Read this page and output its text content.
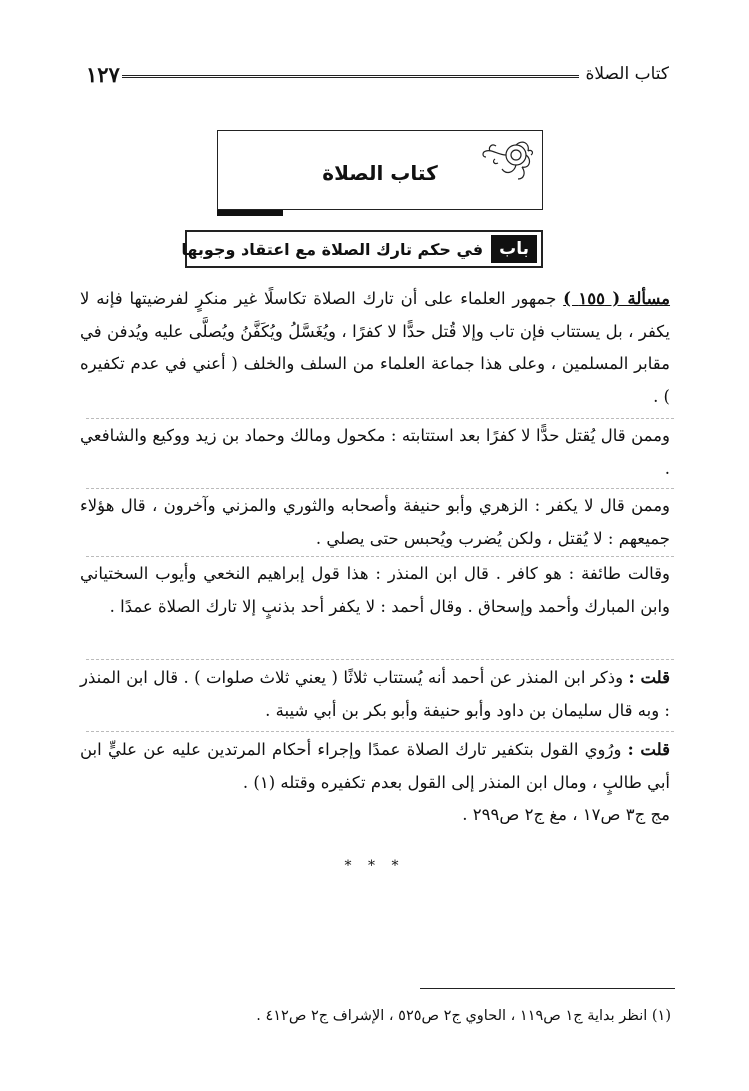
كتاب الصلاة
١٢٧
كتاب الصلاة
باب
في حكم تارك الصلاة مع اعتقاد وجوبها
مسألة ( ١٥٥ ) جمهور العلماء على أن تارك الصلاة تكاسلًا غير منكرٍ لفرضيتها فإنه لا يكفر ، بل يستتاب فإن تاب وإلا قُتل حدًّا لا كفرًا ، ويُغَسَّلُ ويُكَفَّنُ ويُصلَّى عليه ويُدفن في مقابر المسلمين ، وعلى هذا جماعة العلماء من السلف والخلف ( أعني في عدم تكفيره ) .
وممن قال يُقتل حدًّا لا كفرًا بعد استتابته : مكحول ومالك وحماد بن زيد ووكيع والشافعي .
وممن قال لا يكفر : الزهري وأبو حنيفة وأصحابه والثوري والمزني وآخرون ، قال هؤلاء جميعهم : لا يُقتل ، ولكن يُضرب ويُحبس حتى يصلي .
وقالت طائفة : هو كافر . قال ابن المنذر : هذا قول إبراهيم النخعي وأيوب السختياني وابن المبارك وأحمد وإسحاق . وقال أحمد : لا يكفر أحد بذنبٍ إلا تارك الصلاة عمدًا .
قلت : وذكر ابن المنذر عن أحمد أنه يُستتاب ثلاثًا ( يعني ثلاث صلوات ) . قال ابن المنذر : وبه قال سليمان بن داود وأبو حنيفة وأبو بكر بن أبي شيبة .
قلت : ورُوي القول بتكفير تارك الصلاة عمدًا وإجراء أحكام المرتدين عليه عن عليٍّ ابن أبي طالبٍ ، ومال ابن المنذر إلى القول بعدم تكفيره وقتله (١) .
مج ج٣ ص١٧ ، مغ ج٢ ص٢٩٩ .
* * *
(١) انظر بداية ج١ ص١١٩ ، الحاوي ج٢ ص٥٢٥ ، الإشراف ج٢ ص٤١٢ .
